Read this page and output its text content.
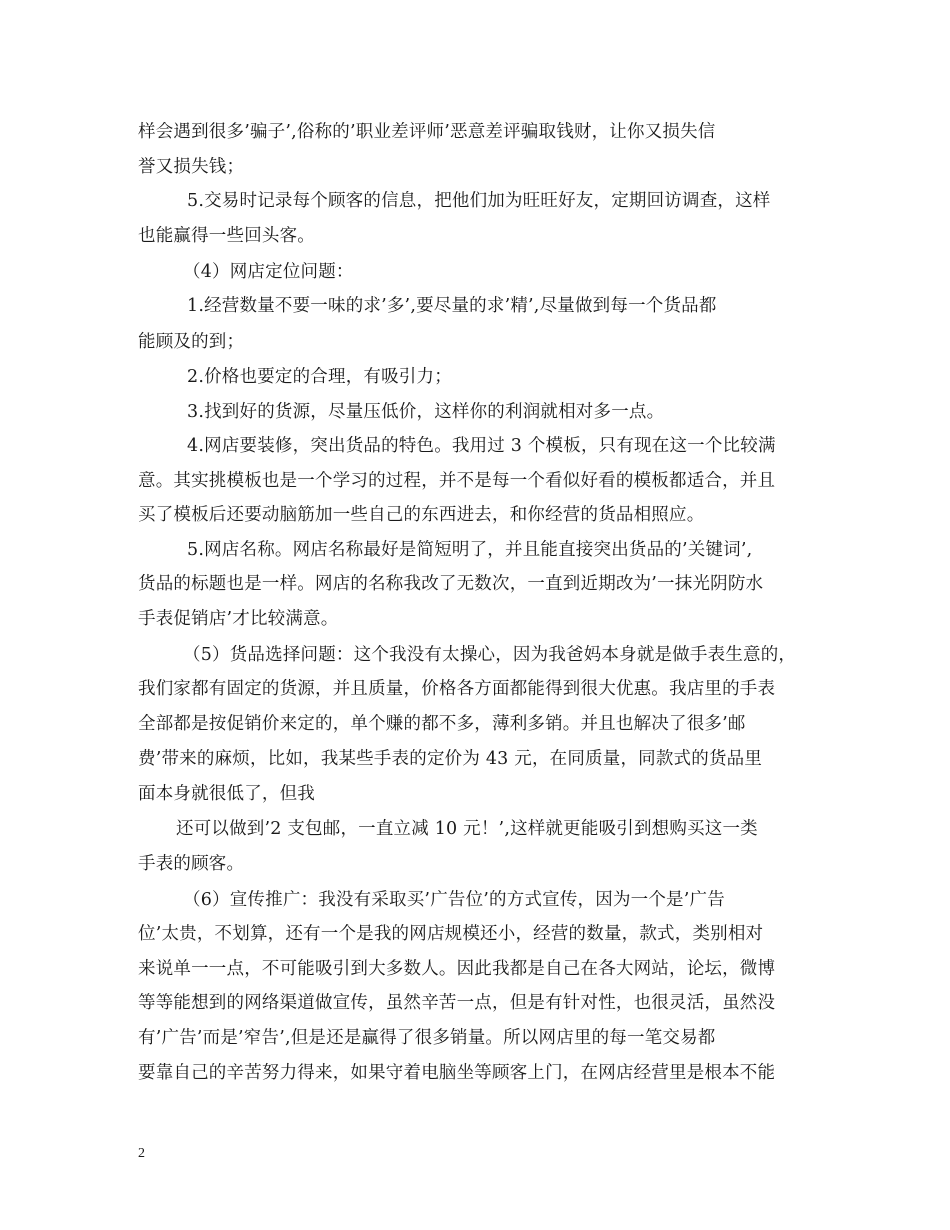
样会遇到很多’骗子’,俗称的’职业差评师’恶意差评骗取钱财，让你又损失信
誉又损失钱；
5.交易时记录每个顾客的信息，把他们加为旺旺好友，定期回访调查，这样
也能赢得一些回头客。
（4）网店定位问题：
1.经营数量不要一味的求’多’,要尽量的求’精’,尽量做到每一个货品都
能顾及的到；
2.价格也要定的合理，有吸引力；
3.找到好的货源，尽量压低价，这样你的利润就相对多一点。
4.网店要装修，突出货品的特色。我用过 3 个模板，只有现在这一个比较满
意。其实挑模板也是一个学习的过程，并不是每一个看似好看的模板都适合，并且
买了模板后还要动脑筋加一些自己的东西进去，和你经营的货品相照应。
5.网店名称。网店名称最好是简短明了，并且能直接突出货品的’关键词’,
货品的标题也是一样。网店的名称我改了无数次，一直到近期改为’一抹光阴防水
手表促销店’才比较满意。
（5）货品选择问题：这个我没有太操心，因为我爸妈本身就是做手表生意的，
我们家都有固定的货源，并且质量，价格各方面都能得到很大优惠。我店里的手表
全部都是按促销价来定的，单个赚的都不多，薄利多销。并且也解决了很多’邮
费’带来的麻烦，比如，我某些手表的定价为 43 元，在同质量，同款式的货品里
面本身就很低了，但我
还可以做到’2 支包邮，一直立减 10 元！’,这样就更能吸引到想购买这一类
手表的顾客。
（6）宣传推广：我没有采取买’广告位’的方式宣传，因为一个是’广告
位’太贵，不划算，还有一个是我的网店规模还小，经营的数量，款式，类别相对
来说单一一点，不可能吸引到大多数人。因此我都是自己在各大网站，论坛，微博
等等能想到的网络渠道做宣传，虽然辛苦一点，但是有针对性，也很灵活，虽然没
有’广告’而是’窄告’,但是还是赢得了很多销量。所以网店里的每一笔交易都
要靠自己的辛苦努力得来，如果守着电脑坐等顾客上门，在网店经营里是根本不能
2
